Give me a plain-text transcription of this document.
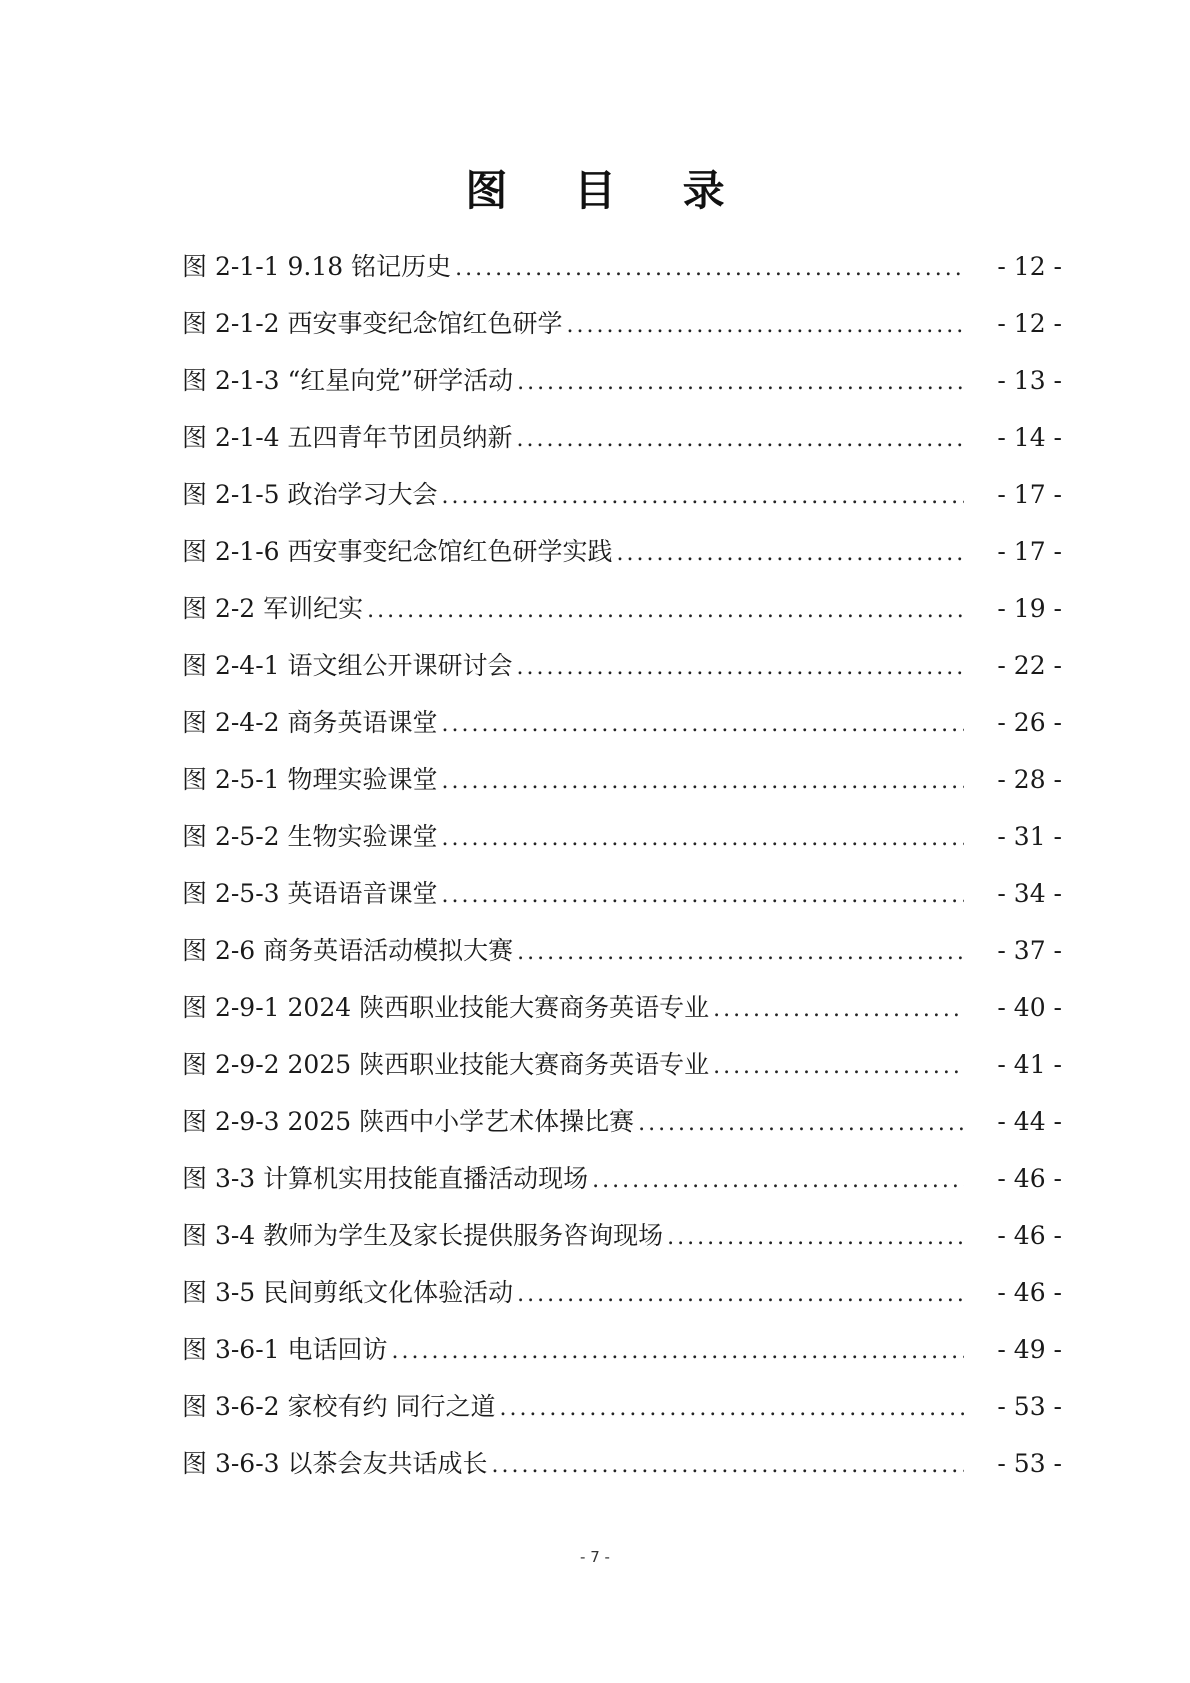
图 目 录
图 2-1-1 9.18 铭记历史 .....	- 12 -
图 2-1-2 西安事变纪念馆红色研学 .....	- 12 -
图 2-1-3 “红星向党”研学活动 .....	- 13 -
图 2-1-4 五四青年节团员纳新 .....	- 14 -
图 2-1-5 政治学习大会 .....	- 17 -
图 2-1-6 西安事变纪念馆红色研学实践 .....	- 17 -
图 2-2 军训纪实 .....	- 19 -
图 2-4-1 语文组公开课研讨会 .....	- 22 -
图 2-4-2 商务英语课堂 .....	- 26 -
图 2-5-1 物理实验课堂 .....	- 28 -
图 2-5-2 生物实验课堂 .....	- 31 -
图 2-5-3 英语语音课堂 .....	- 34 -
图 2-6 商务英语活动模拟大赛 .....	- 37 -
图 2-9-1 2024 陕西职业技能大赛商务英语专业 .....	- 40 -
图 2-9-2 2025 陕西职业技能大赛商务英语专业 .....	- 41 -
图 2-9-3 2025 陕西中小学艺术体操比赛 .....	- 44 -
图 3-3 计算机实用技能直播活动现场 .....	- 46 -
图 3-4 教师为学生及家长提供服务咨询现场 .....	- 46 -
图 3-5 民间剪纸文化体验活动 .....	- 46 -
图 3-6-1 电话回访 .....	- 49 -
图 3-6-2 家校有约 同行之道 .....	- 53 -
图 3-6-3 以茶会友共话成长 .....	- 53 -
- 7 -
